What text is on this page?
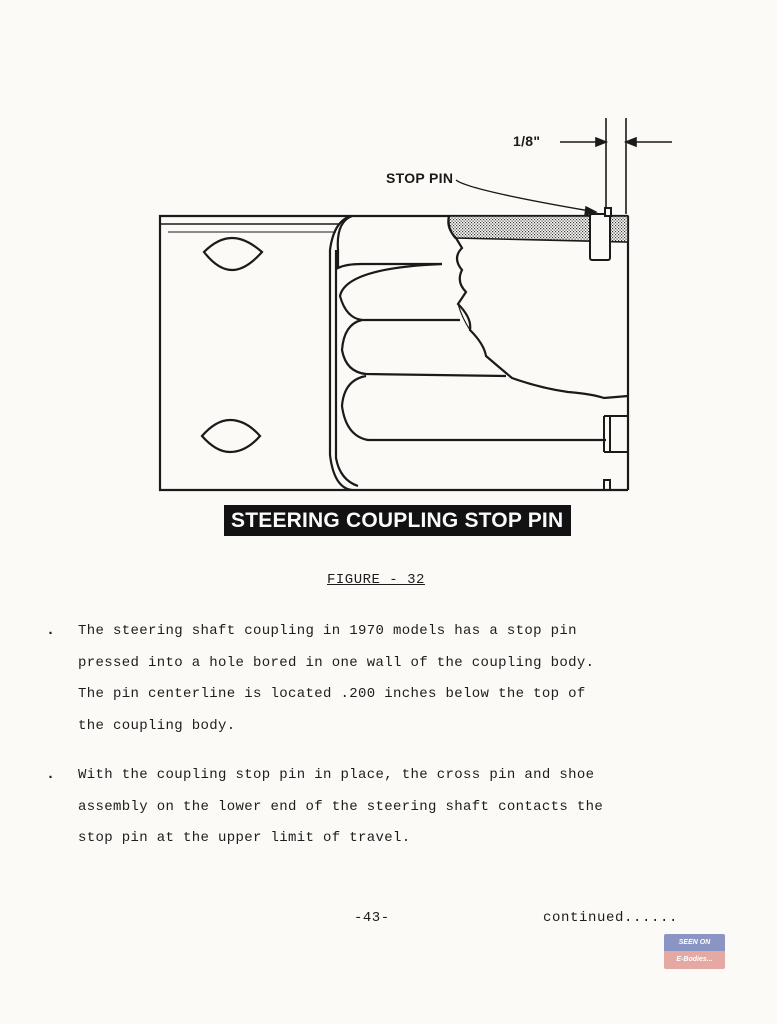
1/8"
STOP PIN
STEERING COUPLING STOP PIN
FIGURE - 32
. The steering shaft coupling in 1970 models has a stop pin
pressed into a hole bored in one wall of the coupling body.
The pin centerline is located .200 inches below the top of
the coupling body.
. With the coupling stop pin in place, the cross pin and shoe
assembly on the lower end of the steering shaft contacts the
stop pin at the upper limit of travel.
-43-	continued......
SEEN ON
E-Bodies...
